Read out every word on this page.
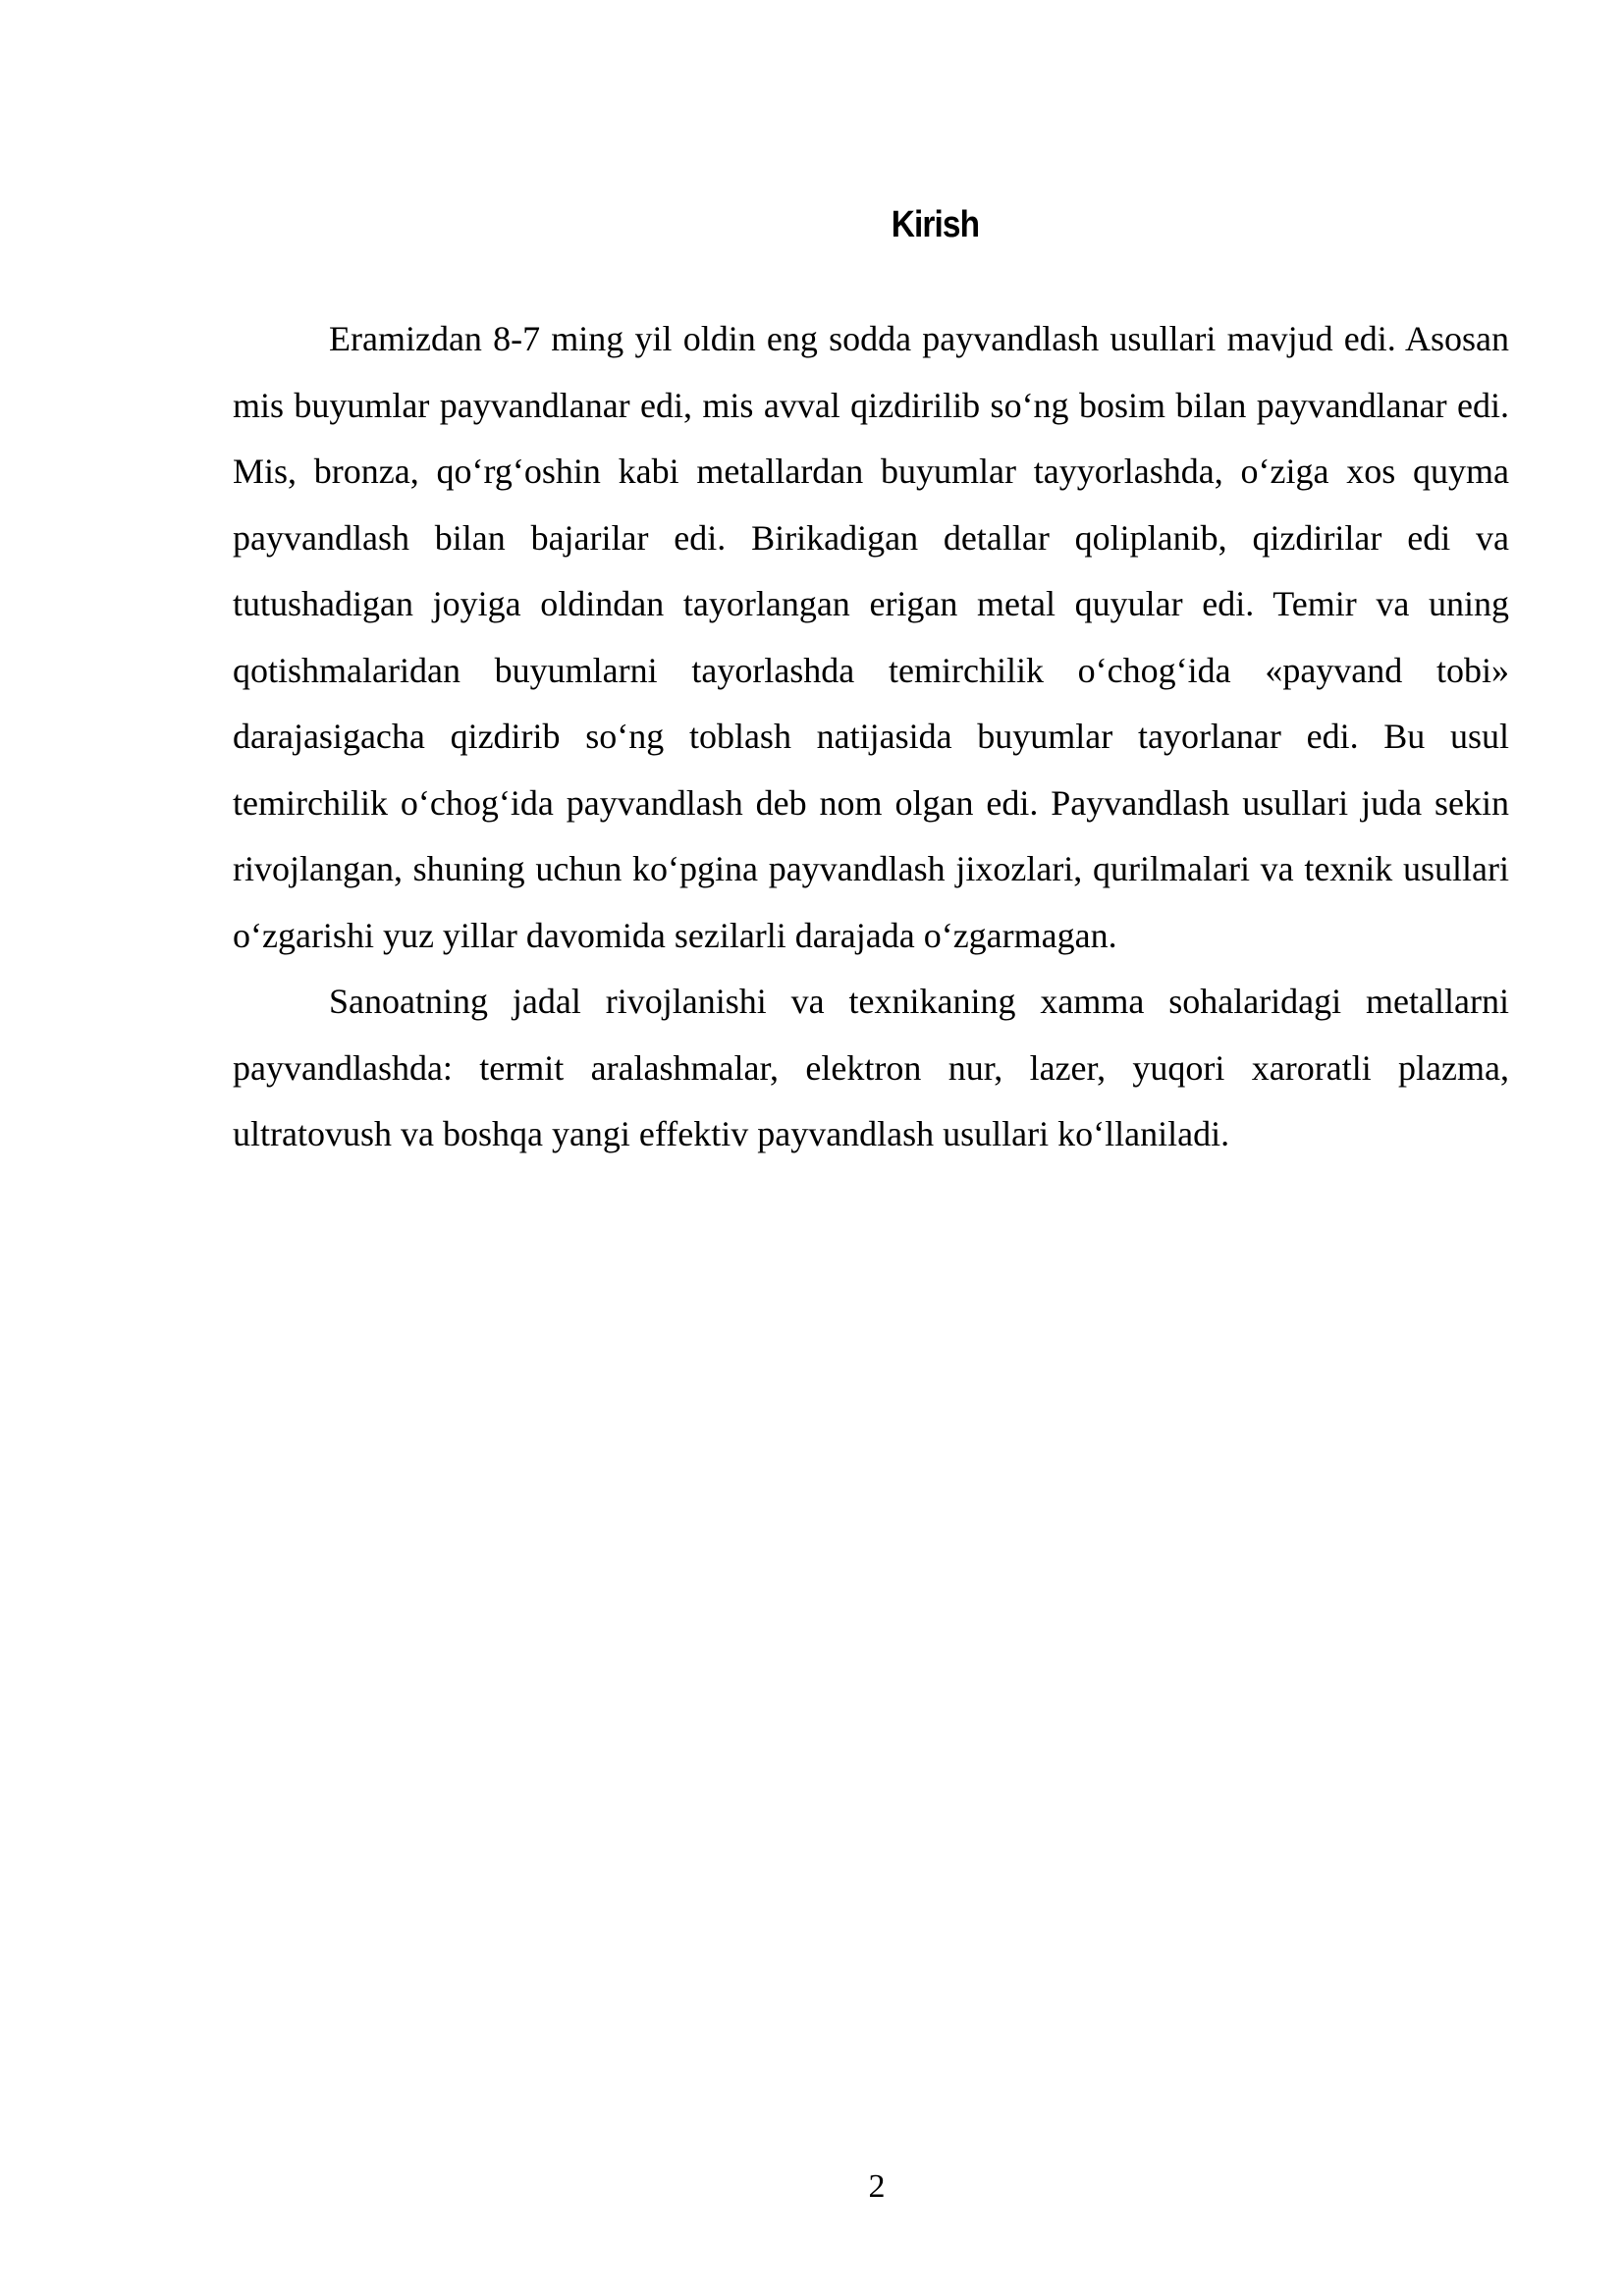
Kirish

Eramizdan 8-7 ming yil oldin eng sodda payvandlash usullari mavjud edi. Asosan mis buyumlar payvandlanar edi, mis avval qizdirilib so‘ng bosim bilan payvandlanar edi. Mis, bronza, qo‘rg‘oshin kabi metallardan buyumlar tayyorlashda, o‘ziga xos quyma payvandlash bilan bajarilar edi. Birikadigan detallar qoliplanib, qizdirilar edi va tutushadigan joyiga oldindan tayorlangan erigan metal quyular edi. Temir va uning qotishmalaridan buyumlarni tayorlashda temirchilik o‘chog‘ida «payvand tobi» darajasigacha qizdirib so‘ng toblash natijasida buyumlar tayorlanar edi. Bu usul temirchilik o‘chog‘ida payvandlash deb nom olgan edi. Payvandlash usullari juda sekin rivojlangan, shuning uchun ko‘pgina payvandlash jixozlari, qurilmalari va texnik usullari o‘zgarishi yuz yillar davomida sezilarli darajada o‘zgarmagan.

Sanoatning jadal rivojlanishi va texnikaning xamma sohalaridagi metallarni payvandlashda: termit aralashmalar, elektron nur, lazer, yuqori xaroratli plazma, ultratovush va boshqa yangi effektiv payvandlash usullari ko‘llaniladi.

2
